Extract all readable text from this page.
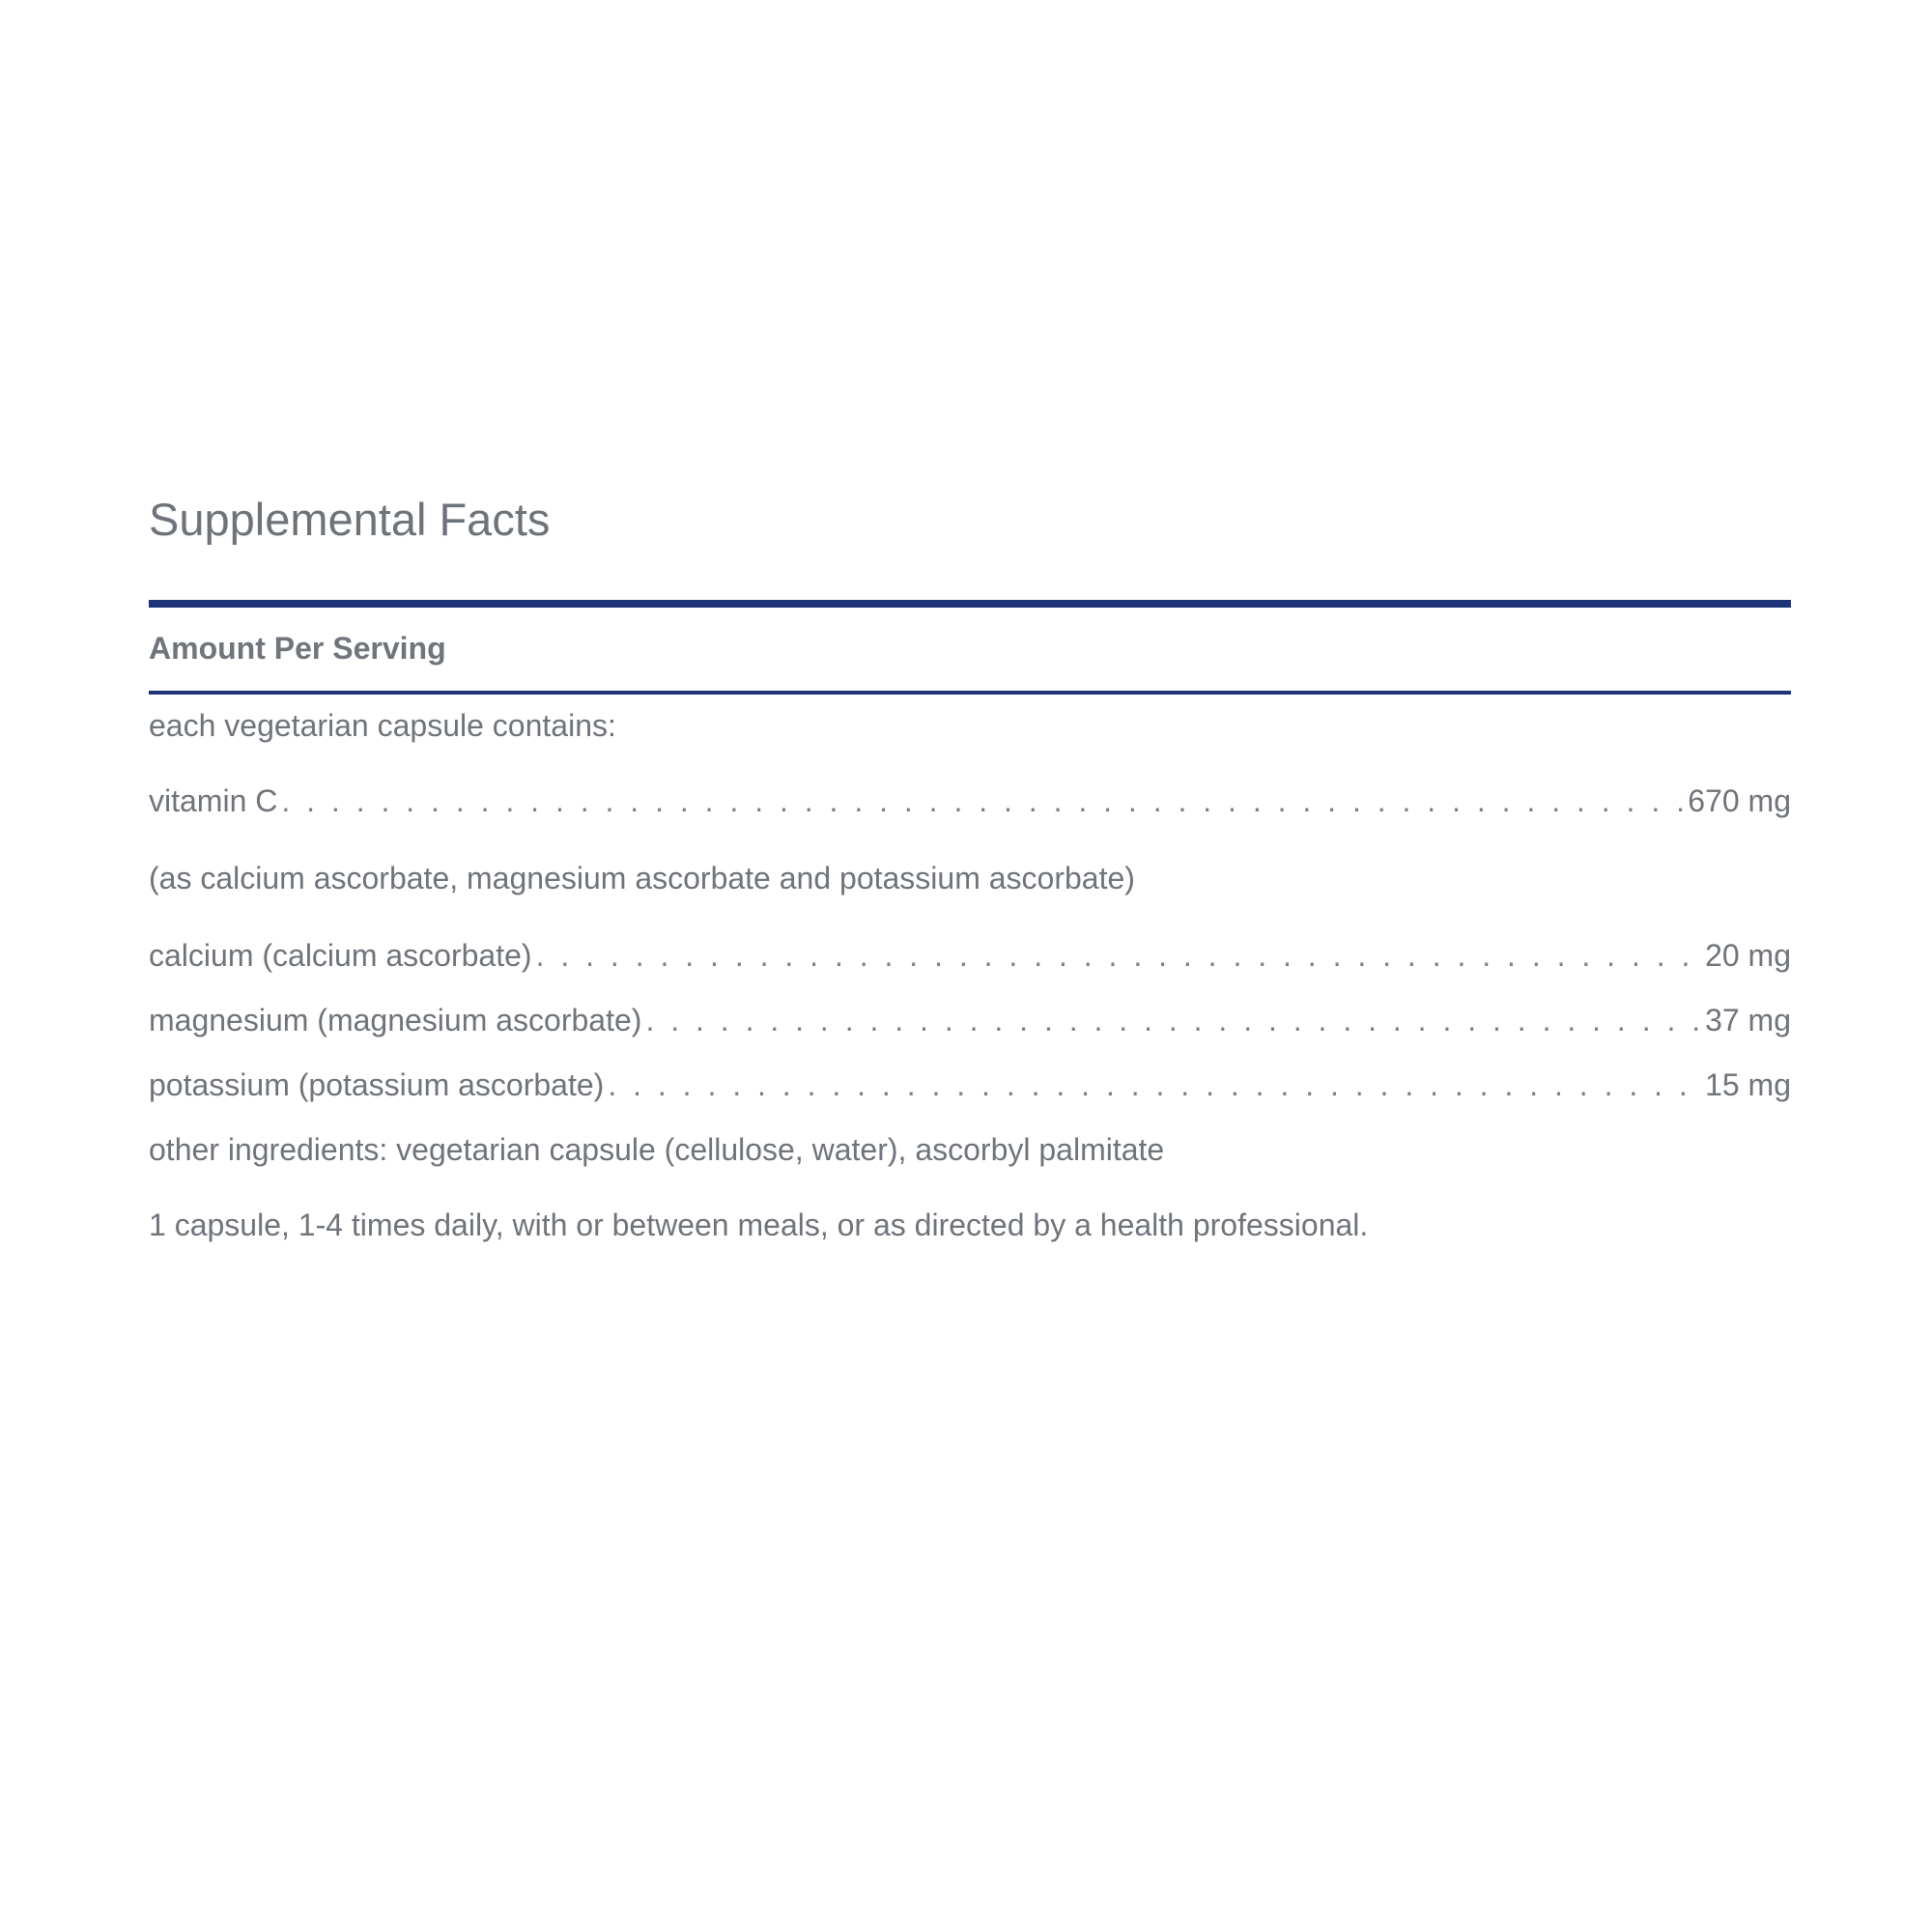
Supplemental Facts
Amount Per Serving
each vegetarian capsule contains:
vitamin C . . .	670 mg
(as calcium ascorbate, magnesium ascorbate and potassium ascorbate)
calcium (calcium ascorbate) . . .	20 mg
magnesium (magnesium ascorbate) . . .	37 mg
potassium (potassium ascorbate) . . .	15 mg
other ingredients: vegetarian capsule (cellulose, water), ascorbyl palmitate
1 capsule, 1-4 times daily, with or between meals, or as directed by a health professional.
